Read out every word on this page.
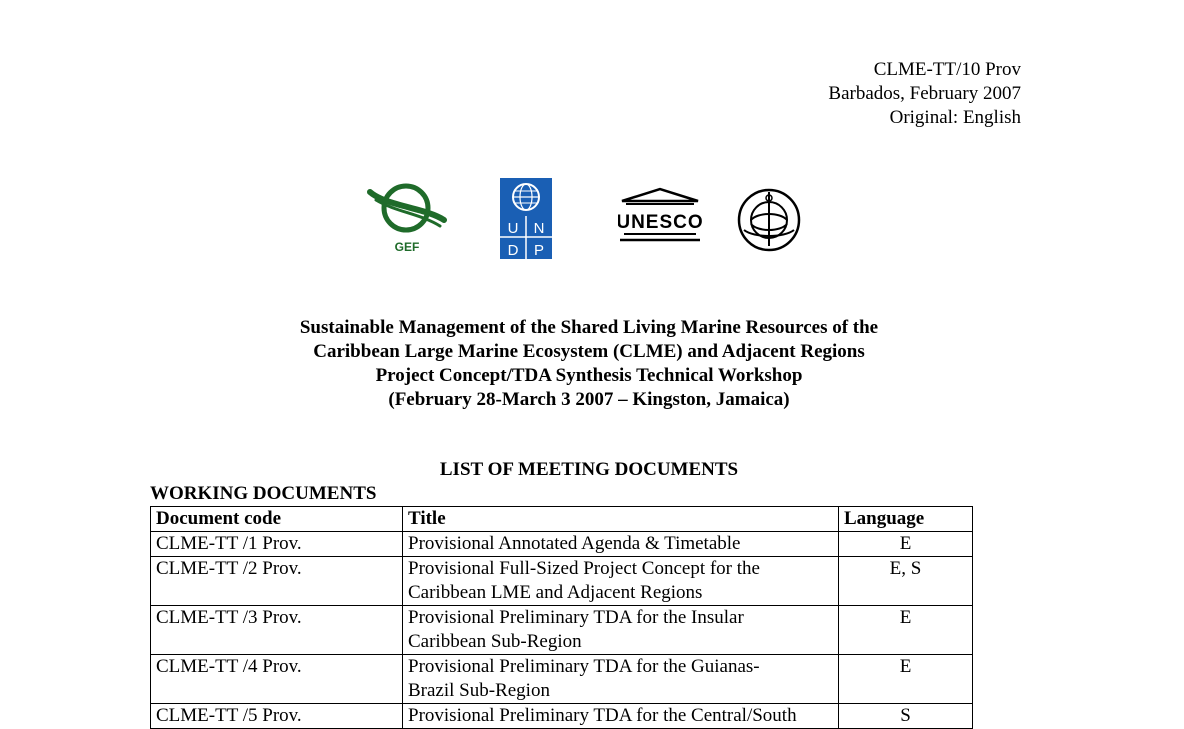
CLME-TT/10 Prov
Barbados, February 2007
Original: English
GEF
U N
D P
UNESCO
Sustainable Management of the Shared Living Marine Resources of the
Caribbean Large Marine Ecosystem (CLME) and Adjacent Regions
Project Concept/TDA Synthesis Technical Workshop
(February 28-March 3 2007 – Kingston, Jamaica)
LIST OF MEETING DOCUMENTS
WORKING DOCUMENTS
Document code	Title	Language
CLME-TT /1 Prov.	Provisional Annotated Agenda & Timetable	E
CLME-TT /2 Prov.	Provisional Full-Sized Project Concept for the
Caribbean LME and Adjacent Regions	E, S
CLME-TT /3 Prov.	Provisional Preliminary TDA for the Insular
Caribbean Sub-Region	E
CLME-TT /4 Prov.	Provisional Preliminary TDA for the Guianas-
Brazil Sub-Region	E
CLME-TT /5 Prov.	Provisional Preliminary TDA for the Central/South	S
